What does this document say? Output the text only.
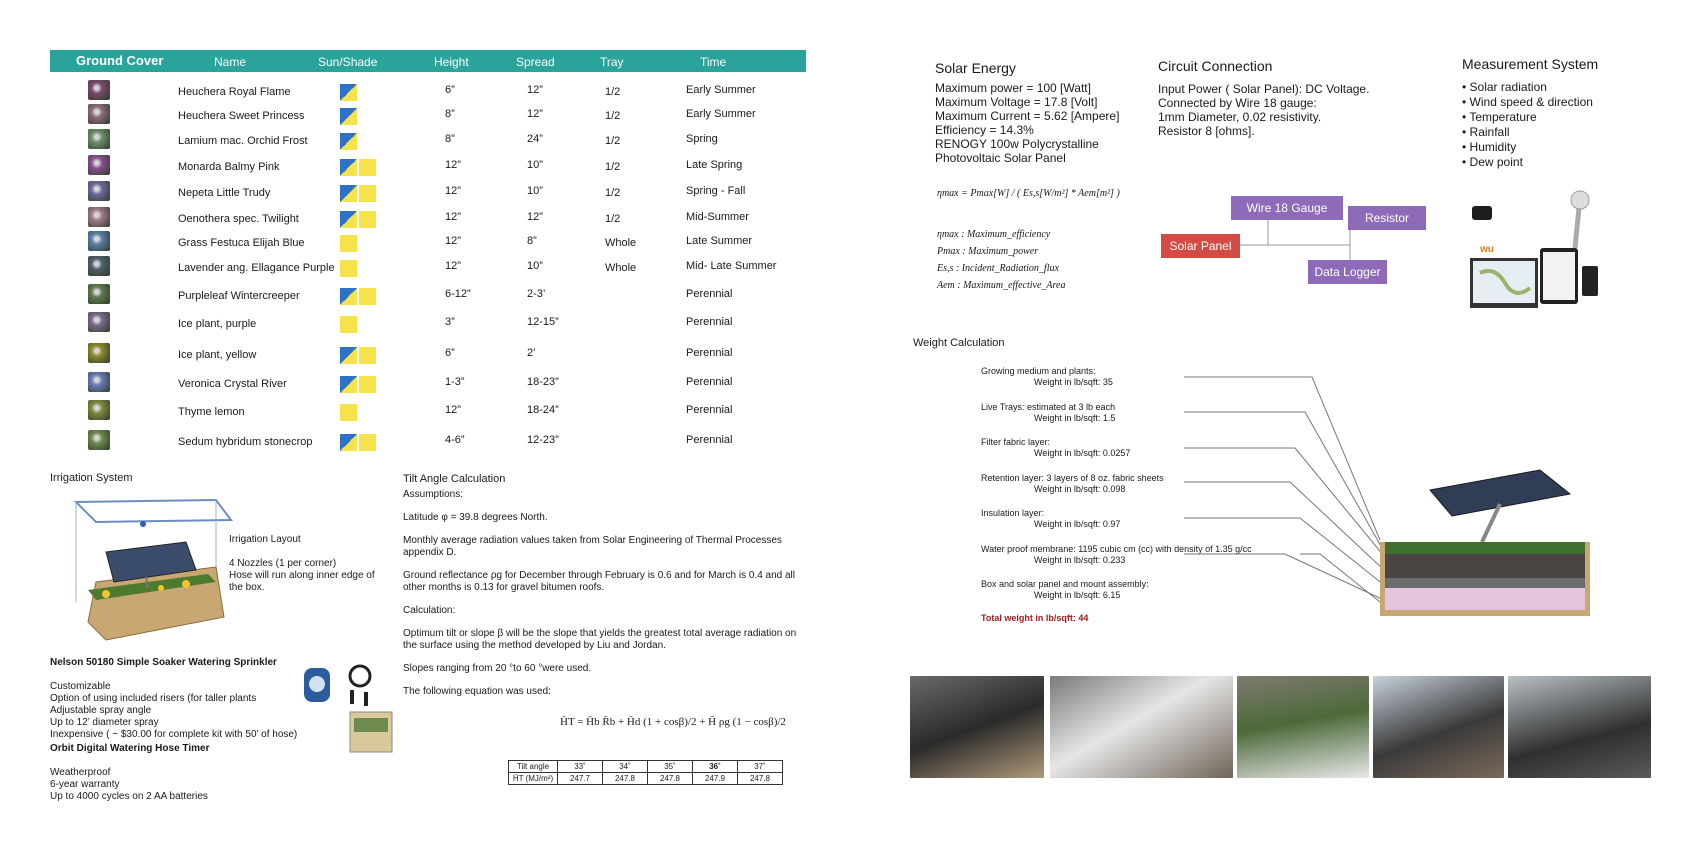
Ground Cover	Name	Sun/Shade	Height	Spread	Tray	Time
Heuchera Royal Flame	6”	12”	1/2	Early Summer
Heuchera Sweet Princess	8”	12”	1/2	Early Summer
Lamium mac. Orchid Frost	8”	24”	1/2	Spring
Monarda Balmy Pink	12”	10”	1/2	Late Spring
Nepeta Little Trudy	12”	10”	1/2	Spring - Fall
Oenothera spec. Twilight	12”	12”	1/2	Mid-Summer
Grass Festuca Elijah Blue	12”	8”	Whole	Late Summer
Lavender ang. Ellagance Purple	12”	10”	Whole	Mid- Late Summer
Purpleleaf Wintercreeper	6-12”	2-3’	Perennial
Ice plant, purple	3”	12-15”	Perennial
Ice plant, yellow	6”	2’	Perennial
Veronica Crystal River	1-3”	18-23”	Perennial
Thyme lemon	12”	18-24”	Perennial
Sedum hybridum stonecrop	4-6”	12-23”	Perennial
Irrigation System
Irrigation Layout
4 Nozzles (1 per corner)
Hose will run along inner edge of
the box.
Nelson 50180 Simple Soaker Watering Sprinkler
Customizable
Option of using included risers (for taller plants
Adjustable spray angle
Up to 12’ diameter spray
Inexpensive ( ~ $30.00 for complete kit with 50’ of hose)
Orbit Digital Watering Hose Timer
Weatherproof
6-year warranty
Up to 4000 cycles on 2 AA batteries
Tilt Angle Calculation
Assumptions:
Latitude φ = 39.8 degrees North.
Monthly average radiation values taken from Solar Engineering of Thermal Processes appendix D.
Ground reflectance ρg for December through February is 0.6 and for March is 0.4 and all other months is 0.13 for gravel bitumen roofs.
Calculation:
Optimum tilt or slope β will be the slope that yields the greatest total average radiation on the surface using the method developed by Liu and Jordan.
Slopes ranging from 20 °to 60 °were used.
The following equation was used:
H̄T = H̄b R̄b + H̄d (1 + cosβ)/2 + H̄ ρg (1 − cosβ)/2
Tilt angle	33˚	34˚	35˚	36˚	37˚
H̄T (MJ/m²)	247.7	247.8	247.8	247.9	247.8
Solar Energy
Maximum power = 100 [Watt]
Maximum Voltage = 17.8 [Volt]
Maximum Current = 5.62 [Ampere]
Efficiency = 14.3%
RENOGY 100w Polycrystalline
Photovoltaic Solar Panel
ηmax = Pmax[W] / ( Es,s[W/m²] * Aem[m²] )
ηmax : Maximum_efficiency
Pmax : Maximum_power
Es,s : Incident_Radiation_flux
Aem : Maximum_effective_Area
Circuit Connection
Input Power ( Solar Panel): DC Voltage.
Connected by Wire 18 gauge:
1mm Diameter, 0.02 resistivity.
Resistor 8 [ohms].
Wire 18 Gauge
Resistor
Solar Panel
Data Logger
Measurement System
• Solar radiation
• Wind speed & direction
• Temperature
• Rainfall
• Humidity
• Dew point
wu
Weight Calculation
Growing medium and plants:
Weight in lb/sqft: 35
Live Trays: estimated at 3 lb each
Weight in lb/sqft: 1.5
Filter fabric layer:
Weight in lb/sqft: 0.0257
Retention layer: 3 layers of 8 oz. fabric sheets
Weight in lb/sqft: 0.098
Insulation layer:
Weight in lb/sqft: 0.97
Water proof membrane: 1195 cubic cm (cc) with density of 1.35 g/cc
Weight in lb/sqft: 0.233
Box and solar panel and mount assembly:
Weight in lb/sqft: 6.15
Total weight in lb/sqft: 44
